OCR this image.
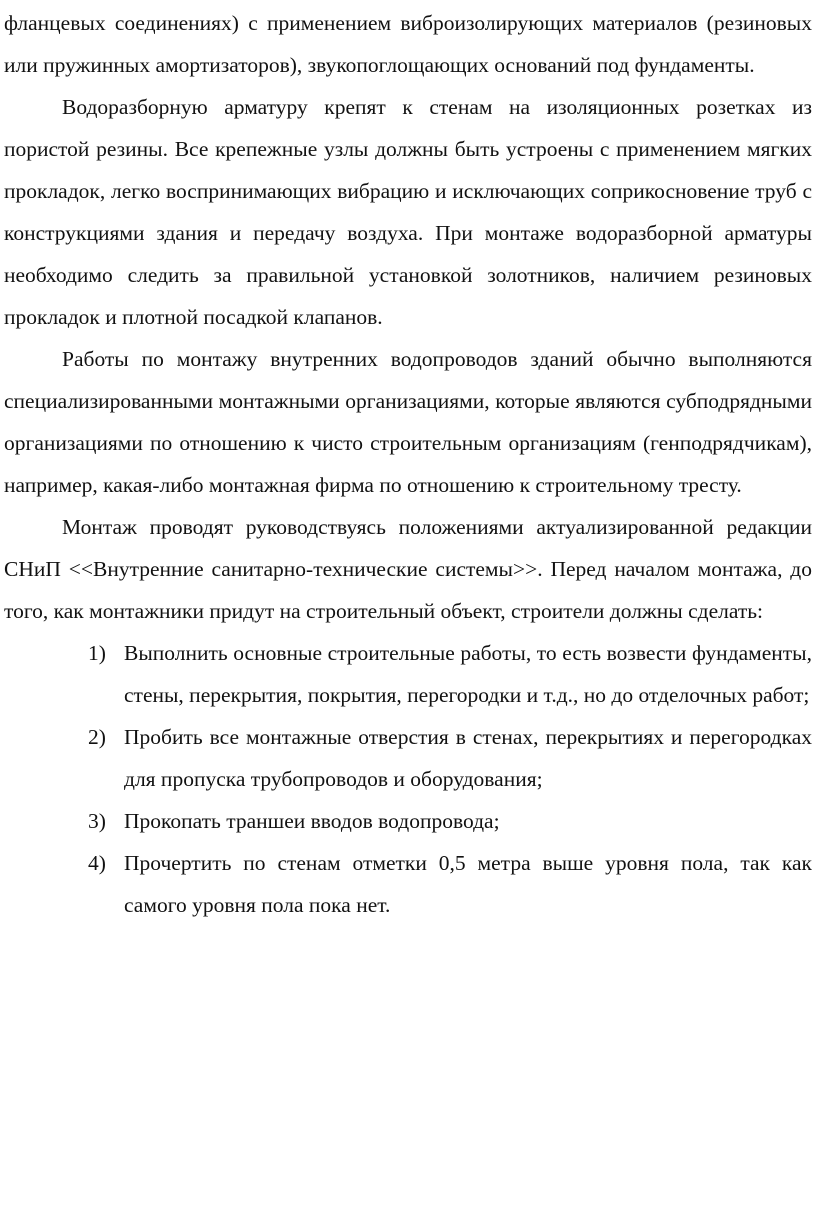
фланцевых соединениях) с применением виброизолирующих материалов (резиновых или пружинных амортизаторов), звукопоглощающих оснований под фундаменты.

Водоразборную арматуру крепят к стенам на изоляционных розетках из пористой резины. Все крепежные узлы должны быть устроены с применением мягких прокладок, легко воспринимающих вибрацию и исключающих соприкосновение труб с конструкциями здания и передачу воздуха. При монтаже водоразборной арматуры необходимо следить за правильной установкой золотников, наличием резиновых прокладок и плотной посадкой клапанов.

Работы по монтажу внутренних водопроводов зданий обычно выполняются специализированными монтажными организациями, которые являются субподрядными организациями по отношению к чисто строительным организациям (генподрядчикам), например, какая-либо монтажная фирма по отношению к строительному тресту.

Монтаж проводят руководствуясь положениями актуализированной редакции СНиП <<Внутренние санитарно-технические системы>>. Перед началом монтажа, до того, как монтажники придут на строительный объект, строители должны сделать:

1) Выполнить основные строительные работы, то есть возвести фундаменты, стены, перекрытия, покрытия, перегородки и т.д., но до отделочных работ;
2) Пробить все монтажные отверстия в стенах, перекрытиях и перегородках для пропуска трубопроводов и оборудования;
3) Прокопать траншеи вводов водопровода;
4) Прочертить по стенам отметки 0,5 метра выше уровня пола, так как самого уровня пола пока нет.
